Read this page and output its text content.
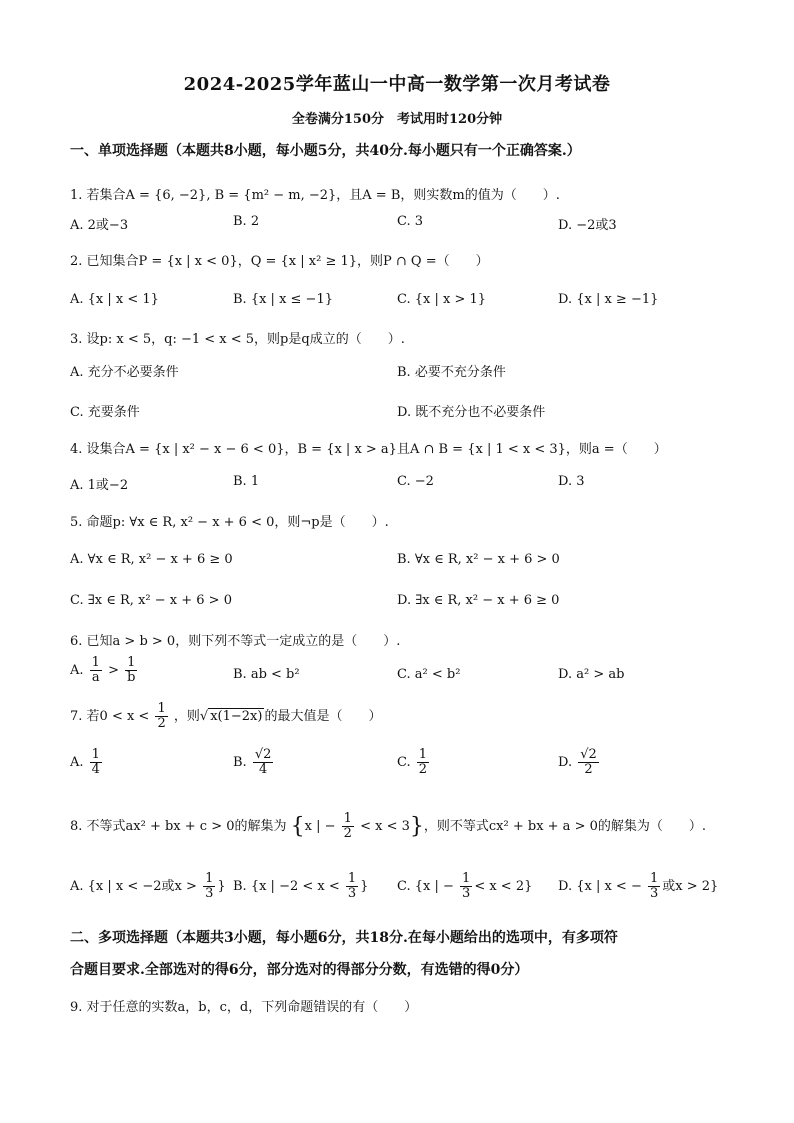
2024-2025学年蓝山一中高一数学第一次月考试卷
全卷满分150分　考试用时120分钟
一、单项选择题（本题共8小题，每小题5分，共40分.每小题只有一个正确答案.）
1. 若集合A = {6, −2}, B = {m² − m, −2}，且A = B，则实数m的值为（　　）.
A. 2或−3	B. 2	C. 3	D. −2或3
2. 已知集合P = {x | x < 0}，Q = {x | x² ≥ 1}，则P ∩ Q =（　　）
A. {x | x < 1}	B. {x | x ≤ −1}	C. {x | x > 1}	D. {x | x ≥ −1}
3. 设p: x < 5，q: −1 < x < 5，则p是q成立的（　　）.
A. 充分不必要条件	B. 必要不充分条件
C. 充要条件	D. 既不充分也不必要条件
4. 设集合A = {x | x² − x − 6 < 0}，B = {x | x > a}且A ∩ B = {x | 1 < x < 3}，则a =（　　）
A. 1或−2	B. 1	C. −2	D. 3
5. 命题p: ∀x ∈ R, x² − x + 6 < 0，则¬p是（　　）.
A. ∀x ∈ R, x² − x + 6 ≥ 0	B. ∀x ∈ R, x² − x + 6 > 0
C. ∃x ∈ R, x² − x + 6 > 0	D. ∃x ∈ R, x² − x + 6 ≥ 0
6. 已知a > b > 0，则下列不等式一定成立的是（　　）.
A. $\frac{1}{a} > \frac{1}{b}$	B. ab < b²	C. a² < b²	D. a² > ab
7. 若$0 < x < \frac{1}{2}$ ，则√ x(1−2x) 的最大值是（　　）
A. $\frac{1}{4}$	B. $\frac{√2}{4}$	C. $\frac{1}{2}$	D. $\frac{√2}{2}$
8. 不等式ax² + bx + c > 0的解集为 {x | − $\frac{1}{2} < x < 3$}，则不等式cx² + bx + a > 0的解集为（　　）.
A. {x | x < −2或$x > \frac{1}{3}$ } B. {x | $-2 < x < \frac{1}{3}$ } C. {x | − $\frac{1}{3} < x < 2$} D. {x | x < − $\frac{1}{3}$ 或x > 2}
二、多项选择题（本题共3小题，每小题6分，共18分.在每小题给出的选项中，有多项符
合题目要求.全部选对的得6分，部分选对的得部分分数，有选错的得0分）
9. 对于任意的实数a，b，c，d，下列命题错误的有（　　）
